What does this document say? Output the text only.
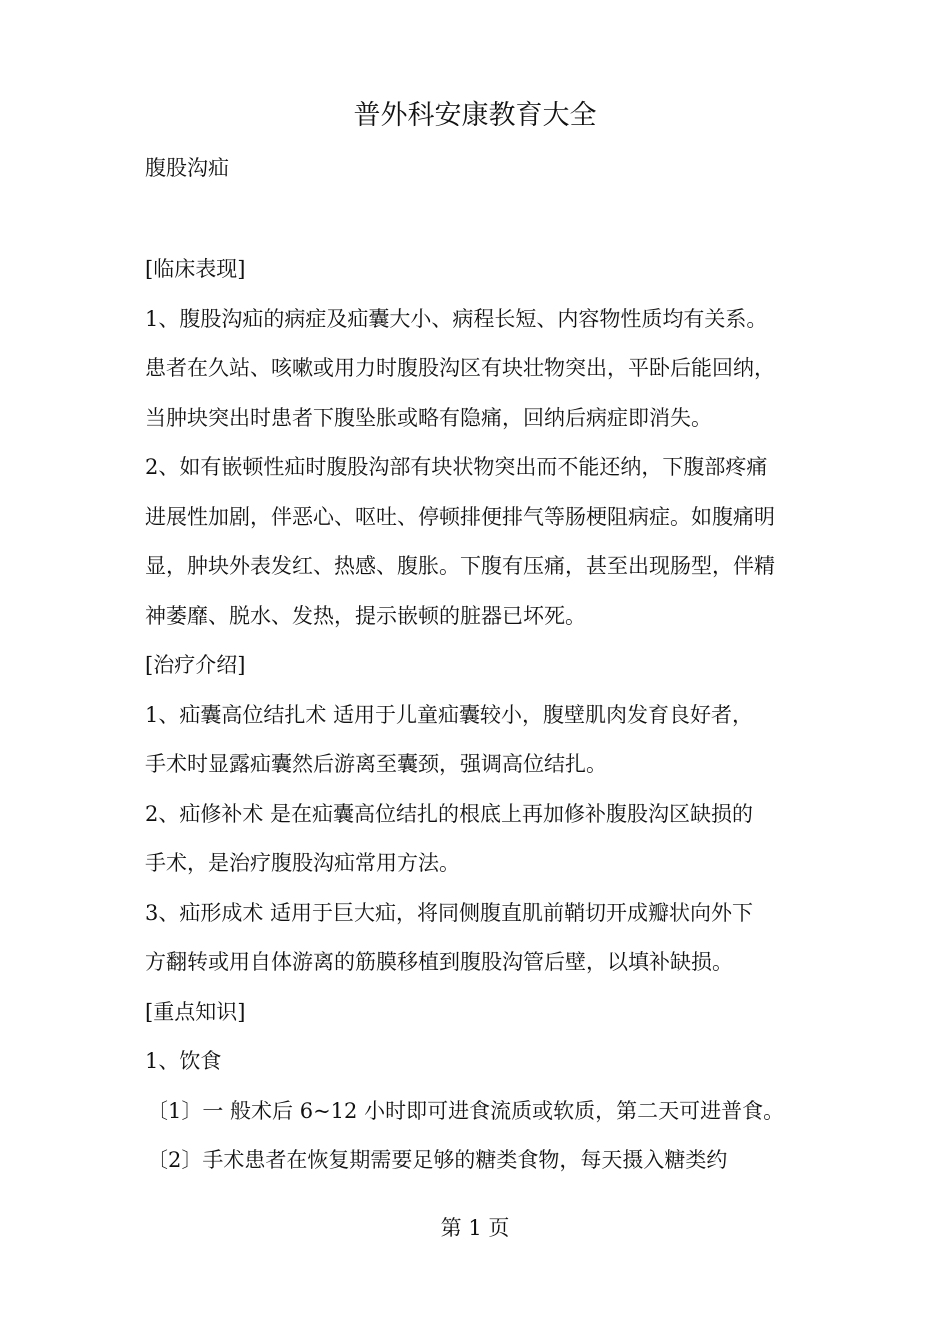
普外科安康教育大全
腹股沟疝
[临床表现]
1、腹股沟疝的病症及疝囊大小、病程长短、内容物性质均有关系。
患者在久站、咳嗽或用力时腹股沟区有块壮物突出，平卧后能回纳，
当肿块突出时患者下腹坠胀或略有隐痛，回纳后病症即消失。
2、如有嵌顿性疝时腹股沟部有块状物突出而不能还纳，下腹部疼痛
进展性加剧，伴恶心、呕吐、停顿排便排气等肠梗阻病症。如腹痛明
显，肿块外表发红、热感、腹胀。下腹有压痛，甚至出现肠型，伴精
神萎靡、脱水、发热，提示嵌顿的脏器已坏死。
[治疗介绍]
1、疝囊高位结扎术 适用于儿童疝囊较小，腹壁肌肉发育良好者，
手术时显露疝囊然后游离至囊颈，强调高位结扎。
2、疝修补术 是在疝囊高位结扎的根底上再加修补腹股沟区缺损的
手术，是治疗腹股沟疝常用方法。
3、疝形成术 适用于巨大疝，将同侧腹直肌前鞘切开成瓣状向外下
方翻转或用自体游离的筋膜移植到腹股沟管后壁，以填补缺损。
[重点知识]
1、饮食
〔1〕一 般术后 6~12 小时即可进食流质或软质，第二天可进普食。
〔2〕手术患者在恢复期需要足够的糖类食物，每天摄入糖类约
第 1 页
